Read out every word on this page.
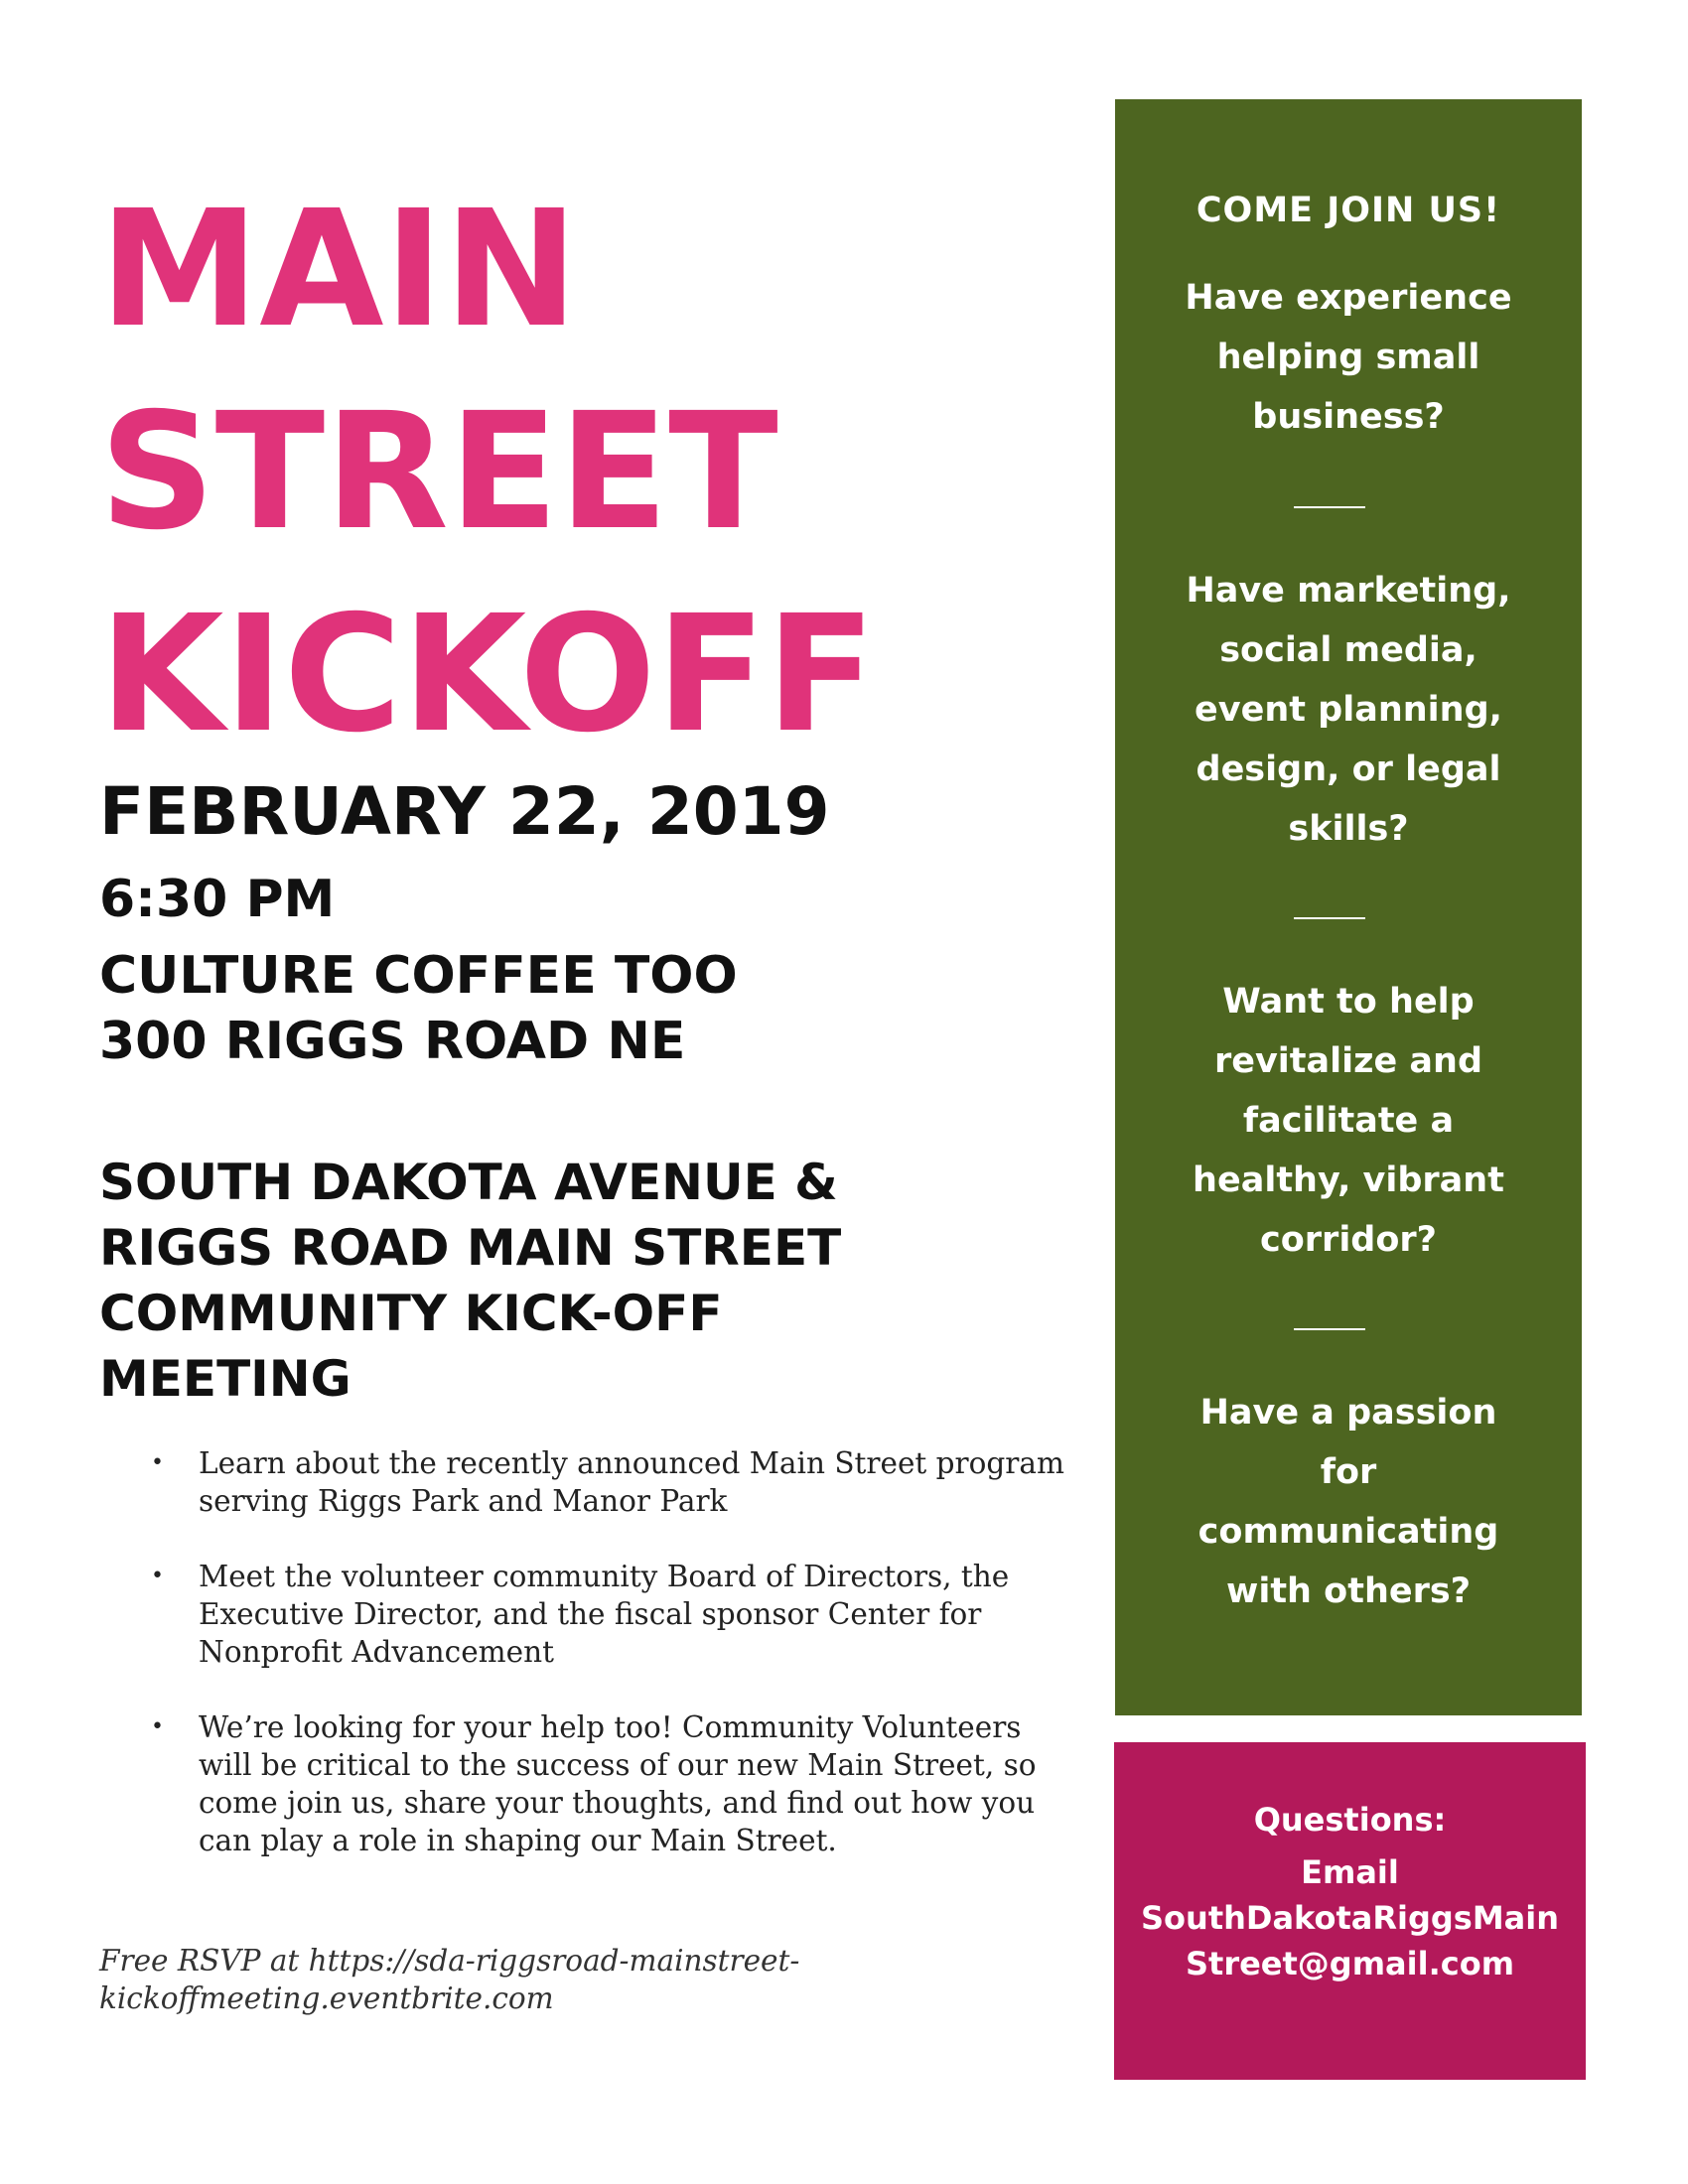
MAIN
STREET
KICKOFF
FEBRUARY 22, 2019
6:30 PM
CULTURE COFFEE TOO
300 RIGGS ROAD NE
SOUTH DAKOTA AVENUE &
RIGGS ROAD MAIN STREET
COMMUNITY KICK-OFF
MEETING
• Learn about the recently announced Main Street program serving Riggs Park and Manor Park
• Meet the volunteer community Board of Directors, the Executive Director, and the fiscal sponsor Center for Nonprofit Advancement
• We’re looking for your help too! Community Volunteers will be critical to the success of our new Main Street, so come join us, share your thoughts, and find out how you can play a role in shaping our Main Street.
Free RSVP at https://sda-riggsroad-mainstreet-
kickoffmeeting.eventbrite.com
COME JOIN US!
Have experience
helping small
business?
Have marketing,
social media,
event planning,
design, or legal
skills?
Want to help
revitalize and
facilitate a
healthy, vibrant
corridor?
Have a passion
for
communicating
with others?
Questions:
Email
SouthDakotaRiggsMain
Street@gmail.com
